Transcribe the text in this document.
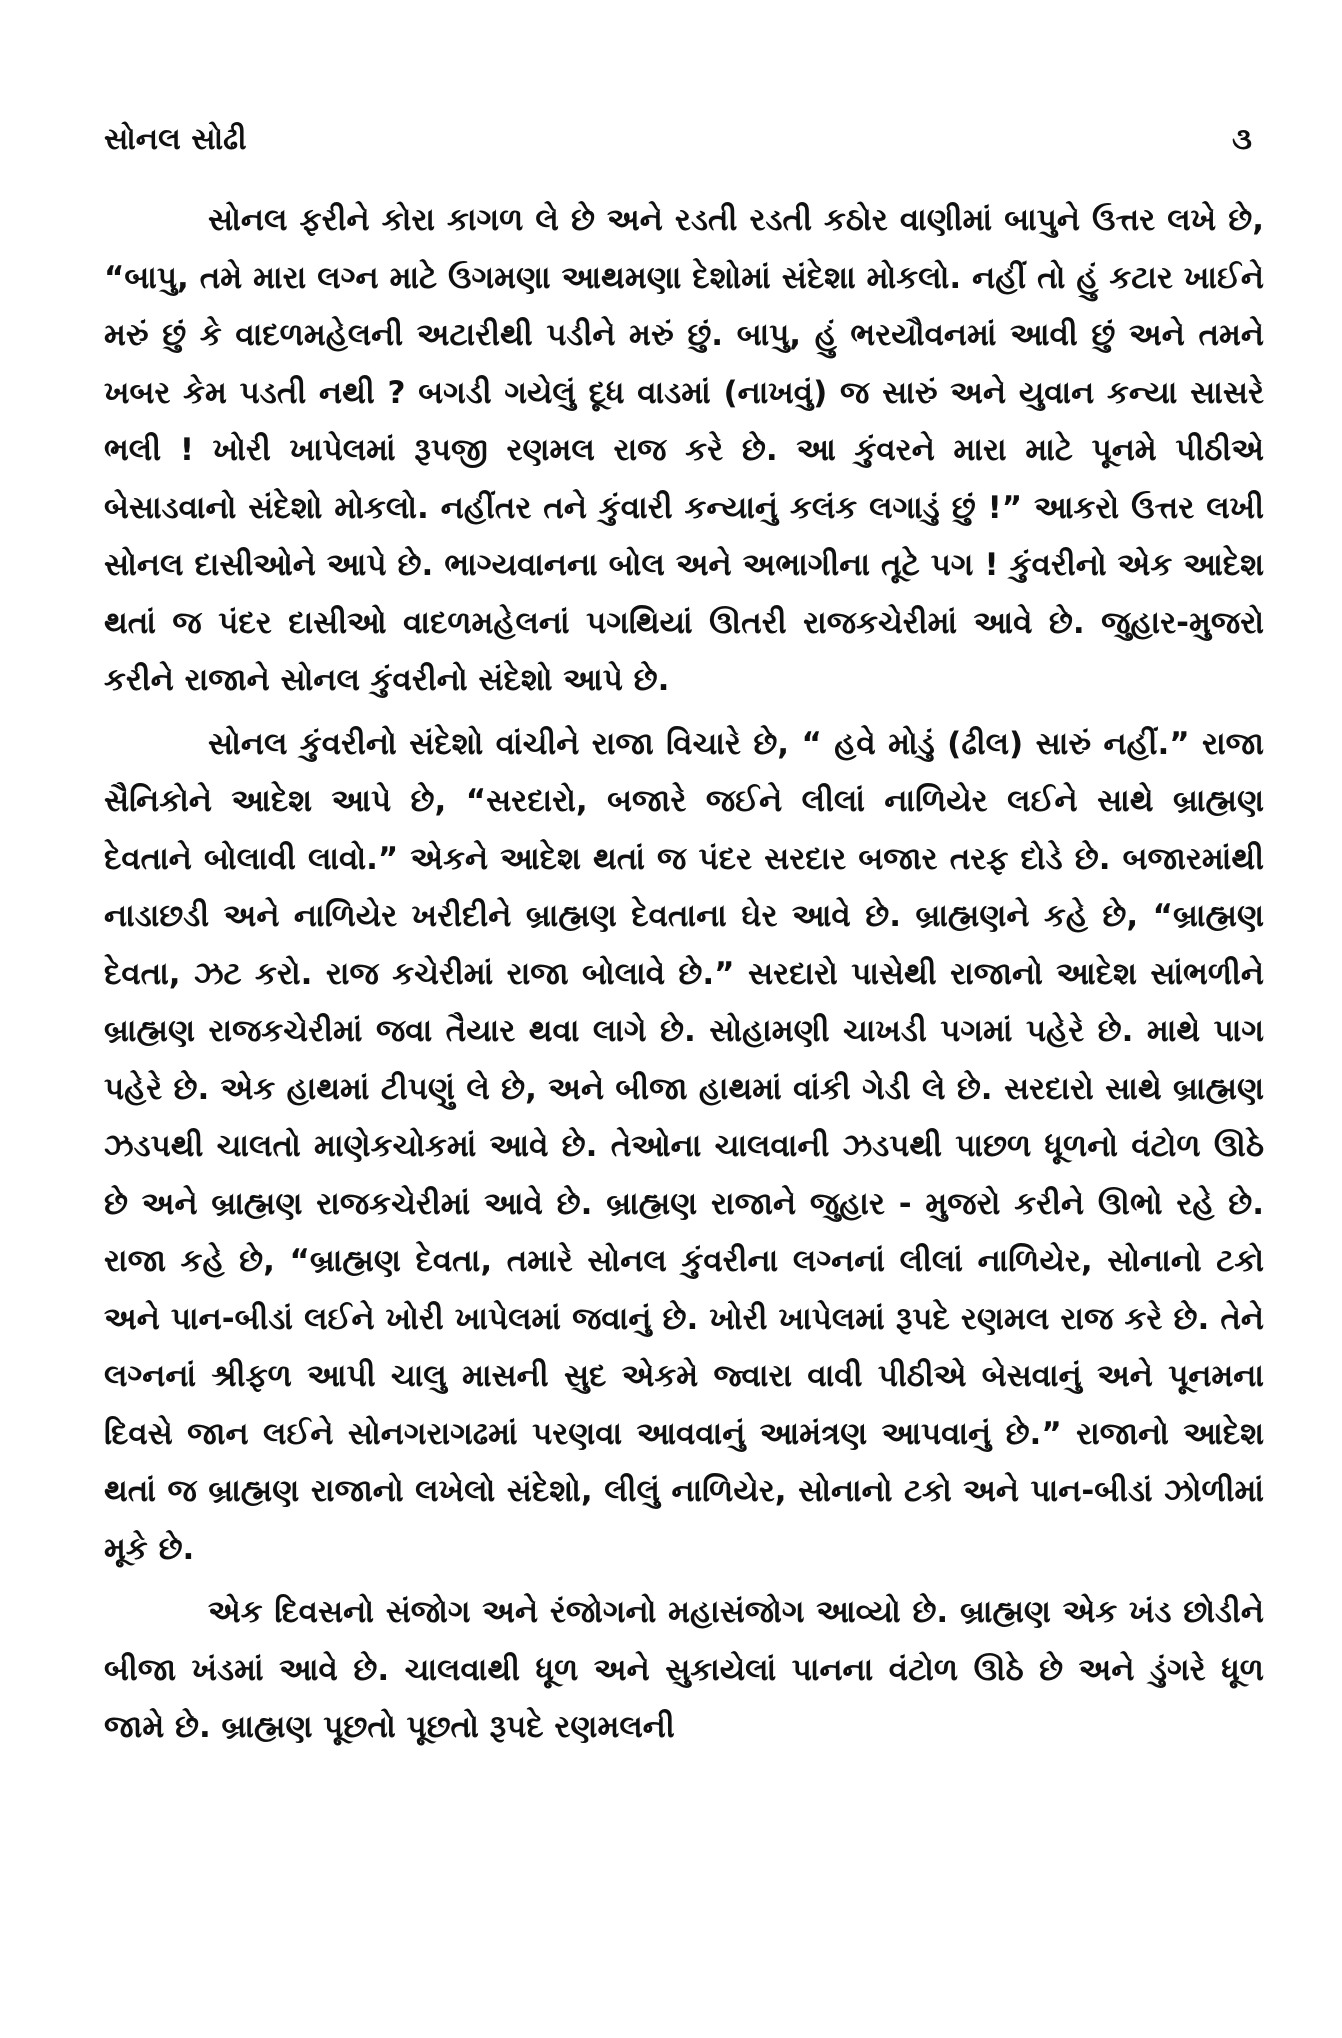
સોનલ સોઢી	૩

સોનલ ફરીને કોરા કાગળ લે છે અને રડતી રડતી કઠોર વાણીમાં બાપુને ઉત્તર લખે છે, “બાપુ, તમે મારા લગ્ન માટે ઉગમણા આથમણા દેશોમાં સંદેશા મોકલો. નહીં તો હું કટાર ખાઈને મરું છું કે વાદળમહેલની અટારીથી પડીને મરું છું. બાપુ, હું ભરયૌવનમાં આવી છું અને તમને ખબર કેમ પડતી નથી ? બગડી ગયેલું દૂધ વાડમાં (નાખવું) જ સારું અને યુવાન કન્યા સાસરે ભલી ! ખોરી ખાપેલમાં રૂપજી રણમલ રાજ કરે છે. આ કુંવરને મારા માટે પૂનમે પીઠીએ બેસાડવાનો સંદેશો મોકલો. નહીંતર તને કુંવારી કન્યાનું કલંક લગાડું છું !” આકરો ઉત્તર લખી સોનલ દાસીઓને આપે છે. ભાગ્યવાનના બોલ અને અભાગીના તૂટે પગ ! કુંવરીનો એક આદેશ થતાં જ પંદર દાસીઓ વાદળમહેલનાં પગથિયાં ઊતરી રાજકચેરીમાં આવે છે. જુહાર-મુજરો કરીને રાજાને સોનલ કુંવરીનો સંદેશો આપે છે.

સોનલ કુંવરીનો સંદેશો વાંચીને રાજા વિચારે છે, “ હવે મોડું (ઢીલ) સારું નહીં.” રાજા સૈનિકોને આદેશ આપે છે, “સરદારો, બજારે જઈને લીલાં નાળિયેર લઈને સાથે બ્રાહ્મણ દેવતાને બોલાવી લાવો.” એકને આદેશ થતાં જ પંદર સરદાર બજાર તરફ દોડે છે. બજારમાંથી નાડાછડી અને નાળિયેર ખરીદીને બ્રાહ્મણ દેવતાના ઘેર આવે છે. બ્રાહ્મણને કહે છે, “બ્રાહ્મણ દેવતા, ઝટ કરો. રાજ કચેરીમાં રાજા બોલાવે છે.” સરદારો પાસેથી રાજાનો આદેશ સાંભળીને બ્રાહ્મણ રાજકચેરીમાં જવા તૈયાર થવા લાગે છે. સોહામણી ચાખડી પગમાં પહેરે છે. માથે પાગ પહેરે છે. એક હાથમાં ટીપણું લે છે, અને બીજા હાથમાં વાંકી ગેડી લે છે. સરદારો સાથે બ્રાહ્મણ ઝડપથી ચાલતો માણેકચોકમાં આવે છે. તેઓના ચાલવાની ઝડપથી પાછળ ધૂળનો વંટોળ ઊઠે છે અને બ્રાહ્મણ રાજકચેરીમાં આવે છે. બ્રાહ્મણ રાજાને જુહાર - મુજરો કરીને ઊભો રહે છે. રાજા કહે છે, “બ્રાહ્મણ દેવતા, તમારે સોનલ કુંવરીના લગ્નનાં લીલાં નાળિયેર, સોનાનો ટકો અને પાન-બીડાં લઈને ખોરી ખાપેલમાં જવાનું છે. ખોરી ખાપેલમાં રૂપદે રણમલ રાજ કરે છે. તેને લગ્નનાં શ્રીફળ આપી ચાલુ માસની સુદ એકમે જ્વારા વાવી પીઠીએ બેસવાનું અને પૂનમના દિવસે જાન લઈને સોનગરાગઢમાં પરણવા આવવાનું આમંત્રણ આપવાનું છે.” રાજાનો આદેશ થતાં જ બ્રાહ્મણ રાજાનો લખેલો સંદેશો, લીલું નાળિયેર, સોનાનો ટકો અને પાન-બીડાં ઝોળીમાં મૂકે છે.

એક દિવસનો સંજોગ અને રંજોગનો મહાસંજોગ આવ્યો છે. બ્રાહ્મણ એક ખંડ છોડીને બીજા ખંડમાં આવે છે. ચાલવાથી ધૂળ અને સુકાયેલાં પાનના વંટોળ ઊઠે છે અને ડુંગરે ધૂળ જામે છે. બ્રાહ્મણ પૂછતો પૂછતો રૂપદે રણમલની
